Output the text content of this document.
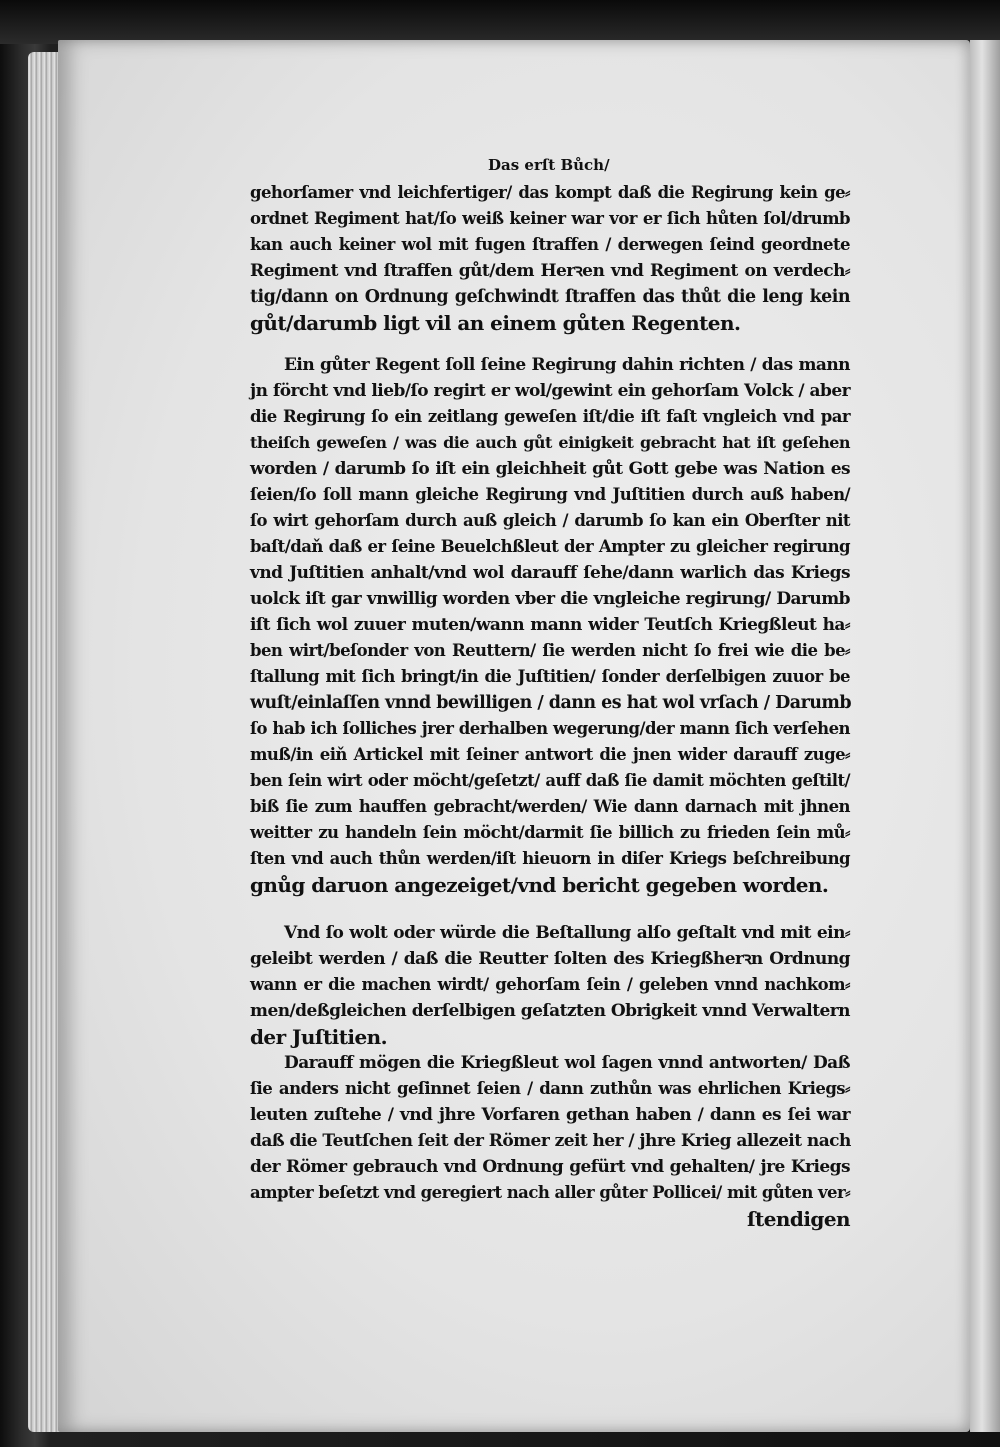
Das erſt Bůch/
gehorſamer vnd leichfertiger/ das kompt daß die Regirung kein ge⸗
ordnet Regiment hat/ſo weiß keiner war vor er ſich hůten ſol/drumb
kan auch keiner wol mit fugen ſtraffen / derwegen ſeind geordnete
Regiment vnd ſtraffen gůt/dem Herꝛen vnd Regiment on verdech⸗
tig/dann on Ordnung geſchwindt ſtraffen das thůt die leng kein
gůt/darumb ligt vil an einem gůten Regenten.
Ein gůter Regent ſoll ſeine Regirung dahin richten / das mann
jn förcht vnd lieb/ſo regirt er wol/gewint ein gehorſam Volck / aber
die Regirung ſo ein zeitlang geweſen iſt/die iſt faſt vngleich vnd par
theiſch geweſen / was die auch gůt einigkeit gebracht hat iſt geſehen
worden / darumb ſo iſt ein gleichheit gůt Gott gebe was Nation es
ſeien/ſo ſoll mann gleiche Regirung vnd Juſtitien durch auß haben/
ſo wirt gehorſam durch auß gleich / darumb ſo kan ein Oberſter nit
baſt/daň daß er ſeine Beuelchßleut der Ampter zu gleicher regirung
vnd Juſtitien anhalt/vnd wol darauff ſehe/dann warlich das Kriegs
uolck iſt gar vnwillig worden vber die vngleiche regirung/ Darumb
iſt ſich wol zuuer muten/wann mann wider Teutſch Kriegßleut ha⸗
ben wirt/beſonder von Reuttern/ ſie werden nicht ſo frei wie die be⸗
ſtallung mit ſich bringt/in die Juſtitien/ ſonder derſelbigen zuuor be
wuſt/einlaſſen vnnd bewilligen / dann es hat wol vrſach / Darumb
ſo hab ich ſolliches jrer derhalben wegerung/der mann ſich verſehen
muß/in eiň Artickel mit ſeiner antwort die jnen wider darauff zuge⸗
ben ſein wirt oder möcht/geſetzt/ auff daß ſie damit möchten geſtilt/
biß ſie zum hauffen gebracht/werden/ Wie dann darnach mit jhnen
weitter zu handeln ſein möcht/darmit ſie billich zu frieden ſein mů⸗
ſten vnd auch thůn werden/iſt hieuorn in diſer Kriegs beſchreibung
gnůg daruon angezeiget/vnd bericht gegeben worden.
Vnd ſo wolt oder würde die Beſtallung alſo geſtalt vnd mit ein⸗
geleibt werden / daß die Reutter ſolten des Kriegßherꝛn Ordnung
wann er die machen wirdt/ gehorſam ſein / geleben vnnd nachkom⸗
men/deßgleichen derſelbigen geſatzten Obrigkeit vnnd Verwaltern
der Juſtitien.
Darauff mögen die Kriegßleut wol ſagen vnnd antworten/ Daß
ſie anders nicht geſinnet ſeien / dann zuthůn was ehrlichen Kriegs⸗
leuten zuſtehe / vnd jhre Vorfaren gethan haben / dann es ſei war
daß die Teutſchen ſeit der Römer zeit her / jhre Krieg allezeit nach
der Römer gebrauch vnd Ordnung gefürt vnd gehalten/ jre Kriegs
ampter beſetzt vnd geregiert nach aller gůter Pollicei/ mit gůten ver⸗
ſtendigen
